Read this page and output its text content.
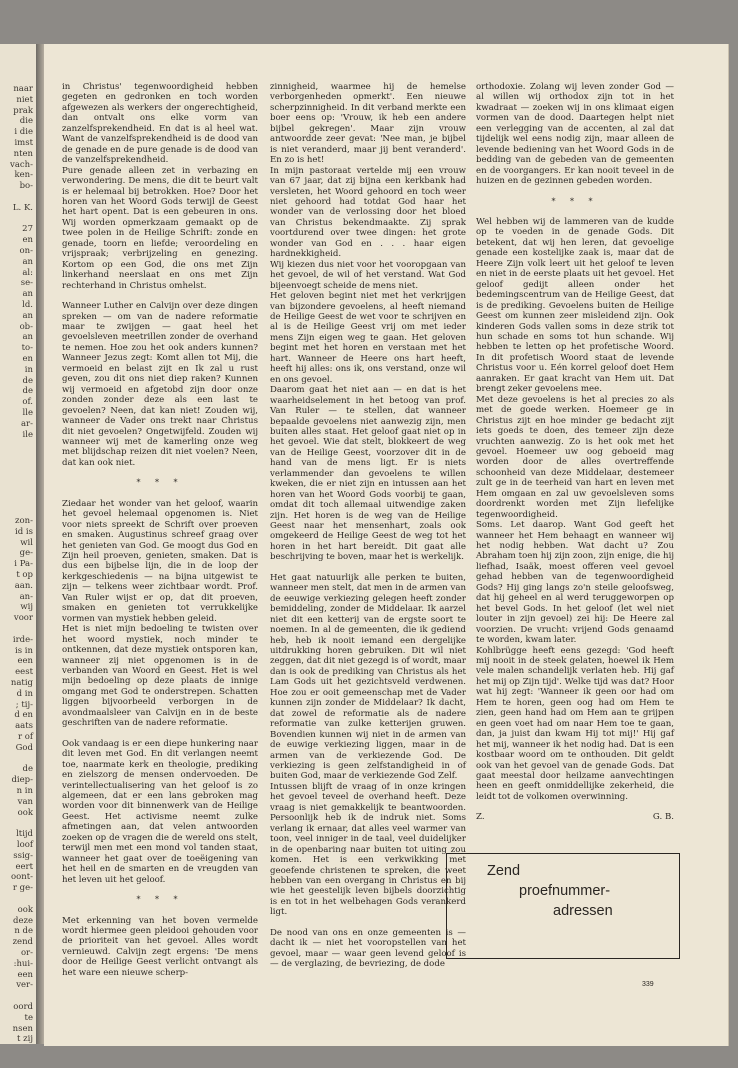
naar
niet
prak
die
i die
imst
nten
vach-
ken-
bo-
L. K.
27
en
on-
an
al:
se-
an
ld.
an
ob-
an
to-
en
in
de
de
of.
lle
ar-
ile
zon-
id is
wil
ge-
i Pa-
t op
aan.
an-
wij
voor
irde-
is in
een
eest
natig
d in
; tij-
d en
aats
r of
God
de
diep-
n in
van
ook
ltijd
loof
ssig-
eert
oont-
r ge-
ook
deze
n de
zend
or-
:hui-
een
ver-
oord
te
nsen
t zij

in Christus' tegenwoordigheid hebben gegeten en gedronken en toch worden afgewezen als werkers der ongerechtigheid, dan ontvalt ons elke vorm van zanzelfsprekendheid. En dat is al heel wat. Want de vanzelfsprekendheid is de dood van de genade en de pure genade is de dood van de vanzelfsprekendheid.

Pure genade alleen zet in verbazing en verwondering. De mens, die dit te beurt valt is er helemaal bij betrokken. Hoe? Door het horen van het Woord Gods terwijl de Geest het hart opent. Dat is een gebeuren in ons. Wij worden opmerkzaam gemaakt op de twee polen in de Heilige Schrift: zonde en genade, toorn en liefde; veroordeling en vrijspraak; verbrijzeling en genezing. Kortom op een God, die ons met Zijn linkerhand neerslaat en ons met Zijn rechterhand in Christus omhelst.

Wanneer Luther en Calvijn over deze dingen spreken — om van de nadere reformatie maar te zwijgen — gaat heel het gevoelsleven meetrillen zonder de overhand te nemen. Hoe zou het ook anders kunnen? Wanneer Jezus zegt: Komt allen tot Mij, die vermoeid en belast zijt en Ik zal u rust geven, zou dit ons niet diep raken? Kunnen wij vermoeid en afgetobd zijn door onze zonden zonder deze als een last te gevoelen? Neen, dat kan niet! Zouden wij, wanneer de Vader ons trekt naar Christus dit niet gevoelen? Ongetwijfeld. Zouden wij wanneer wij met de kamerling onze weg met blijdschap reizen dit niet voelen? Neen, dat kan ook niet.

* * *

Ziedaar het wonder van het geloof, waarin het gevoel helemaal opgenomen is. Niet voor niets spreekt de Schrift over proeven en smaken. Augustinus schreef graag over het genieten van God. Ge moogt dus God en Zijn heil proeven, genieten, smaken. Dat is dus een bijbelse lijn, die in de loop der kerkgeschiedenis — na bijna uitgewist te zijn — telkens weer zichtbaar wordt. Prof. Van Ruler wijst er op, dat dit proeven, smaken en genieten tot verrukkelijke vormen van mystiek hebben geleid.

Het is niet mijn bedoeling te twisten over het woord mystiek, noch minder te ontkennen, dat deze mystiek ontsporen kan, wanneer zij niet opgenomen is in de verbanden van Woord en Geest. Het is wel mijn bedoeling op deze plaats de innige omgang met God te onderstrepen. Schatten liggen bijvoorbeeld verborgen in de avondmaalsleer van Calvijn en in de beste geschriften van de nadere reformatie.

Ook vandaag is er een diepe hunkering naar dit leven met God. En dit verlangen neemt toe, naarmate kerk en theologie, prediking en zielszorg de mensen ondervoeden. De verintellectualisering van het geloof is zo algemeen, dat er een lans gebroken mag worden voor dit binnenwerk van de Heilige Geest. Het activisme neemt zulke afmetingen aan, dat velen antwoorden zoeken op de vragen die de wereld ons stelt, terwijl men met een mond vol tanden staat, wanneer het gaat over de toeëigening van het heil en de smarten en de vreugden van het leven uit het geloof.

* * *

Met erkenning van het boven vermelde wordt hiermee geen pleidooi gehouden voor de prioriteit van het gevoel. Alles wordt vernieuwd. Calvijn zegt ergens: 'De mens door de Heilige Geest verlicht ontvangt als het ware een nieuwe scherp-

zinnigheid, waarmee hij de hemelse verborgenheden opmerkt'. Een nieuwe scherpzinnigheid. In dit verband merkte een boer eens op: 'Vrouw, ik heb een andere bijbel gekregen'. Maar zijn vrouw antwoordde zeer gevat: 'Nee man, je bijbel is niet veranderd, maar jij bent veranderd'. En zo is het!

In mijn pastoraat vertelde mij een vrouw van 67 jaar, dat zij bijna een kerkbank had versleten, het Woord gehoord en toch weer niet gehoord had totdat God haar het wonder van de verlossing door het bloed van Christus bekendmaakte. Zij sprak voortdurend over twee dingen: het grote wonder van God en . . . haar eigen hardnekkigheid.

Wij kiezen dus niet voor het vooropgaan van het gevoel, de wil of het verstand. Wat God bijeenvoegt scheide de mens niet.

Het geloven begint niet met het verkrijgen van bijzondere gevoelens, al heeft niemand de Heilige Geest de wet voor te schrijven en al is de Heilige Geest vrij om met ieder mens Zijn eigen weg te gaan. Het geloven begint met het horen en verstaan met het hart. Wanneer de Heere ons hart heeft, heeft hij alles: ons ik, ons verstand, onze wil en ons gevoel.

Daarom gaat het niet aan — en dat is het waarheidselement in het betoog van prof. Van Ruler — te stellen, dat wanneer bepaalde gevoelens niet aanwezig zijn, men buiten alles staat. Het geloof gaat niet op in het gevoel. Wie dat stelt, blokkeert de weg van de Heilige Geest, voorzover dit in de hand van de mens ligt. Er is niets verlammender dan gevoelens te willen kweken, die er niet zijn en intussen aan het horen van het Woord Gods voorbij te gaan, omdat dit toch allemaal uitwendige zaken zijn. Het horen is de weg van de Heilige Geest naar het mensenhart, zoals ook omgekeerd de Heilige Geest de weg tot het horen in het hart bereidt. Dit gaat alle beschrijving te boven, maar het is werkelijk.

Het gaat natuurlijk alle perken te buiten, wanneer men stelt, dat men in de armen van de eeuwige verkiezing gelegen heeft zonder bemiddeling, zonder de Middelaar. Ik aarzel niet dit een ketterij van de ergste soort te noemen. In al de gemeenten, die ik gediend heb, heb ik nooit iemand een dergelijke uitdrukking horen gebruiken. Dit wil niet zeggen, dat dit niet gezegd is of wordt, maar dan is ook de prediking van Christus als het Lam Gods uit het gezichtsveld verdwenen. Hoe zou er ooit gemeenschap met de Vader kunnen zijn zonder de Middelaar? Ik dacht, dat zowel de reformatie als de nadere reformatie van zulke ketterijen gruwen. Bovendien kunnen wij niet in de armen van de euwige verkiezing liggen, maar in de armen van de verkiezende God. De verkiezing is geen zelfstandigheid in of buiten God, maar de verkiezende God Zelf.

Intussen blijft de vraag of in onze kringen het gevoel teveel de overhand heeft. Deze vraag is niet gemakkelijk te beantwoorden. Persoonlijk heb ik de indruk niet. Soms verlang ik ernaar, dat alles veel warmer van toon, veel inniger in de taal, veel duidelijker in de openbaring naar buiten tot uiting zou komen. Het is een verkwikking met geoefende christenen te spreken, die weet hebben van een overgang in Christus en bij wie het geestelijk leven bijbels doorzichtig is en tot in het welbehagen Gods verankerd ligt.

De nood van ons en onze gemeenten is — dacht ik — niet het vooropstellen van het gevoel, maar — waar geen levend geloof is — de verglazing, de bevriezing, de dode

orthodoxie. Zolang wij leven zonder God — al willen wij orthodox zijn tot in het kwadraat — zoeken wij in ons klimaat eigen vormen van de dood. Daartegen helpt niet een verlegging van de accenten, al zal dat tijdelijk wel eens nodig zijn, maar alleen de levende bediening van het Woord Gods in de bedding van de gebeden van de gemeenten en de voorgangers. Er kan nooit teveel in de huizen en de gezinnen gebeden worden.

* * *

Wel hebben wij de lammeren van de kudde op te voeden in de genade Gods. Dit betekent, dat wij hen leren, dat gevoelige genade een kostelijke zaak is, maar dat de Heere Zijn volk leert uit het geloof te leven en niet in de eerste plaats uit het gevoel. Het geloof gedijt alleen onder het bedemingscentrum van de Heilige Geest, dat is de prediking. Gevoelens buiten de Heilige Geest om kunnen zeer misleidend zijn. Ook kinderen Gods vallen soms in deze strik tot hun schade en soms tot hun schande. Wij hebben te letten op het profetische Woord. In dit profetisch Woord staat de levende Christus voor u. Eén korrel geloof doet Hem aanraken. Er gaat kracht van Hem uit. Dat brengt zeker gevoelens mee.

Met deze gevoelens is het al precies zo als met de goede werken. Hoemeer ge in Christus zijt en hoe minder ge bedacht zijt iets goeds te doen, des temeer zijn deze vruchten aanwezig. Zo is het ook met het gevoel. Hoemeer uw oog geboeid mag worden door de alles overtreffende schoonheid van deze Middelaar, destemeer zult ge in de teerheid van hart en leven met Hem omgaan en zal uw gevoelsleven soms doordrenkt worden met Zijn liefelijke tegenwoordigheid.

Soms. Let daarop. Want God geeft het wanneer het Hem behaagt en wanneer wij het nodig hebben. Wat dacht u? Zou Abraham toen hij zijn zoon, zijn enige, die hij liefhad, Isaäk, moest offeren veel gevoel gehad hebben van de tegenwoordigheid Gods? Hij ging langs zo'n steile geloofsweg, dat hij geheel en al werd teruggeworpen op het bevel Gods. In het geloof (let wel niet louter in zijn gevoel) zei hij: De Heere zal voorzien. De vrucht: vrijend Gods genaamd te worden, kwam later.

Kohlbrügge heeft eens gezegd: 'God heeft mij nooit in de steek gelaten, hoewel ik Hem vele malen schandelijk verlaten heb. Hij gaf het mij op Zijn tijd'. Welke tijd was dat? Hoor wat hij zegt: 'Wanneer ik geen oor had om Hem te horen, geen oog had om Hem te zien, geen hand had om Hem aan te grijpen en geen voet had om naar Hem toe te gaan, dan, ja juist dan kwam Hij tot mij!' Hij gaf het mij, wanneer ik het nodig had. Dat is een kostbaar woord om te onthouden. Dit geldt ook van het gevoel van de genade Gods. Dat gaat meestal door heilzame aanvechtingen heen en geeft onmiddellijke zekerheid, die leidt tot de volkomen overwinning.

Z.	G. B.
Zend
proefnummer-
adressen
339
